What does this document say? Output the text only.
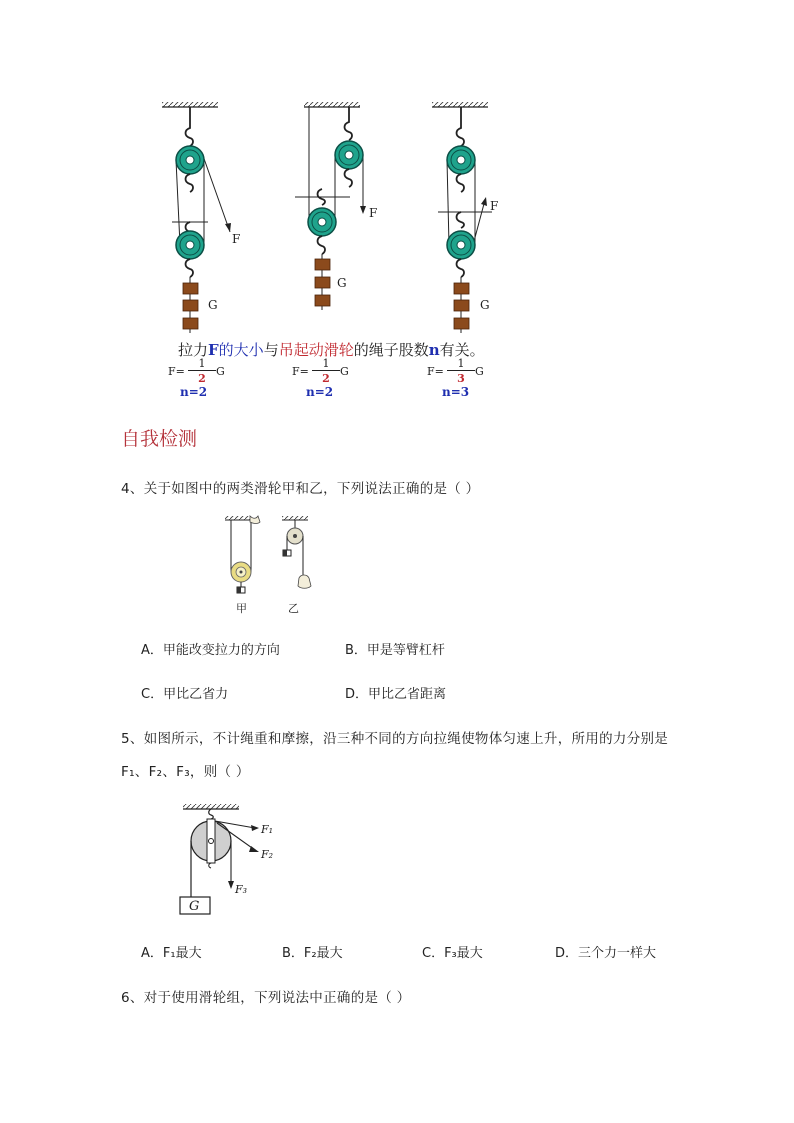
F
G
F
G
F
G
拉力F的大小与吊起动滑轮的绳子股数n有关。
F=
1
2
G
n=2
F=
1
2
G
n=2
F=
1
3
G
n=3
自我检测
4、关于如图中的两类滑轮甲和乙，下列说法正确的是（ ）
甲	乙
A．甲能改变拉力的方向	B．甲是等臂杠杆
C．甲比乙省力	D．甲比乙省距离
5、如图所示，不计绳重和摩擦，沿三种不同的方向拉绳使物体匀速上升，所用的力分别是
F₁、F₂、F₃，则（ ）
G
F₁
F₂
F₃
A．F₁最大	B．F₂最大	C．F₃最大	D．三个力一样大
6、对于使用滑轮组，下列说法中正确的是（ ）
